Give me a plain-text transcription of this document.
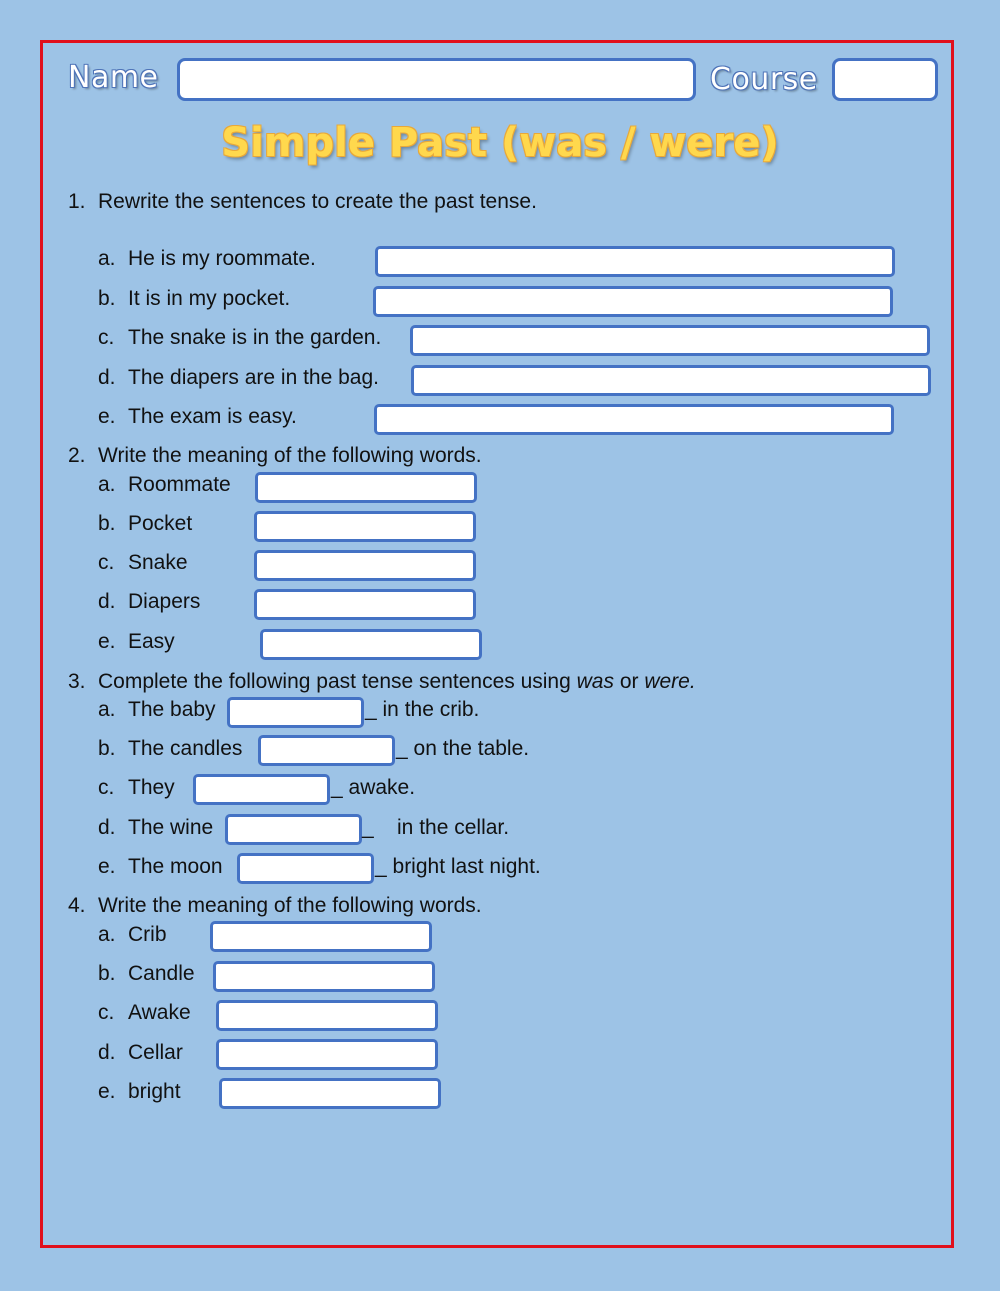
Name	Course
Simple Past (was / were)
1. Rewrite the sentences to create the past tense.
a. He is my roommate.
b. It is in my pocket.
c. The snake is in the garden.
d. The diapers are in the bag.
e. The exam is easy.
2. Write the meaning of the following words.
a. Roommate
b. Pocket
c. Snake
d. Diapers
e. Easy
3. Complete the following past tense sentences using was or were.
a. The baby	_ in the crib.
b. The candles	_ on the table.
c. They	_ awake.
d. The wine	_    in the cellar.
e. The moon	_ bright last night.
4. Write the meaning of the following words.
a. Crib
b. Candle
c. Awake
d. Cellar
e. bright
